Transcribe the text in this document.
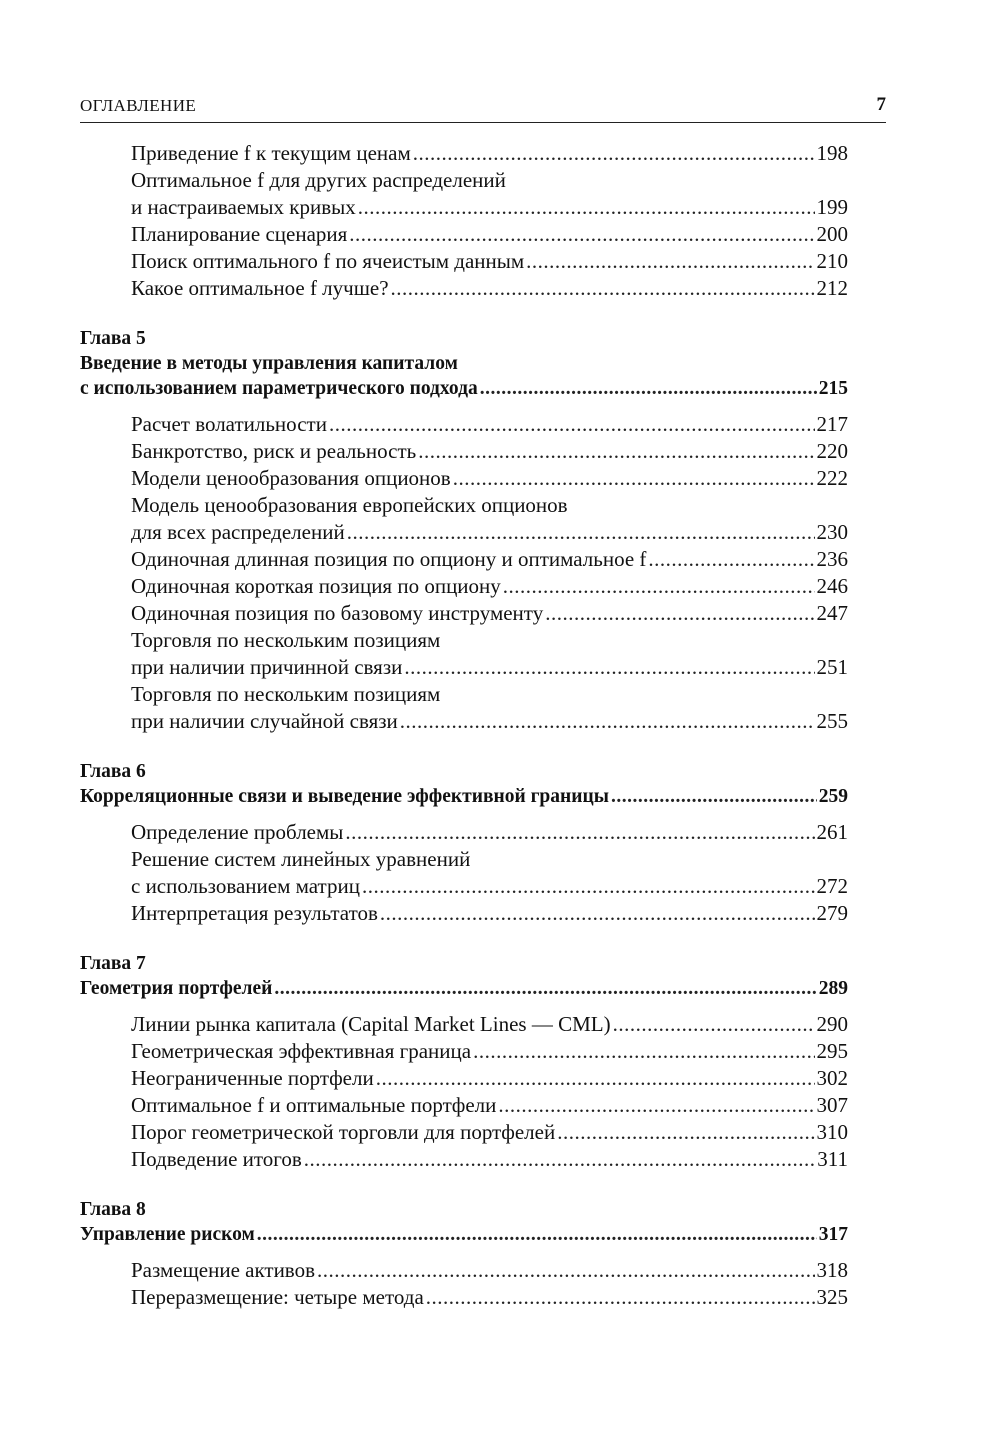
ОГЛАВЛЕНИЕ	7
Приведение f к текущим ценам .....	198
Оптимальное f для других распределений
и настраиваемых кривых .....	199
Планирование сценария .....	200
Поиск оптимального f по ячеистым данным .....	210
Какое оптимальное f лучше? .....	212
Глава 5
Введение в методы управления капиталом
с использованием параметрического подхода .....	215
Расчет волатильности .....	217
Банкротство, риск и реальность .....	220
Модели ценообразования опционов .....	222
Модель ценообразования европейских опционов
для всех распределений .....	230
Одиночная длинная позиция по опциону и оптимальное f .....	236
Одиночная короткая позиция по опциону .....	246
Одиночная позиция по базовому инструменту .....	247
Торговля по нескольким позициям
при наличии причинной связи .....	251
Торговля по нескольким позициям
при наличии случайной связи .....	255
Глава 6
Корреляционные связи и выведение эффективной границы .....	259
Определение проблемы .....	261
Решение систем линейных уравнений
с использованием матриц .....	272
Интерпретация результатов .....	279
Глава 7
Геометрия портфелей .....	289
Линии рынка капитала (Capital Market Lines — CML) .....	290
Геометрическая эффективная граница .....	295
Неограниченные портфели .....	302
Оптимальное f и оптимальные портфели .....	307
Порог геометрической торговли для портфелей .....	310
Подведение итогов .....	311
Глава 8
Управление риском .....	317
Размещение активов .....	318
Переразмещение: четыре метода .....	325
